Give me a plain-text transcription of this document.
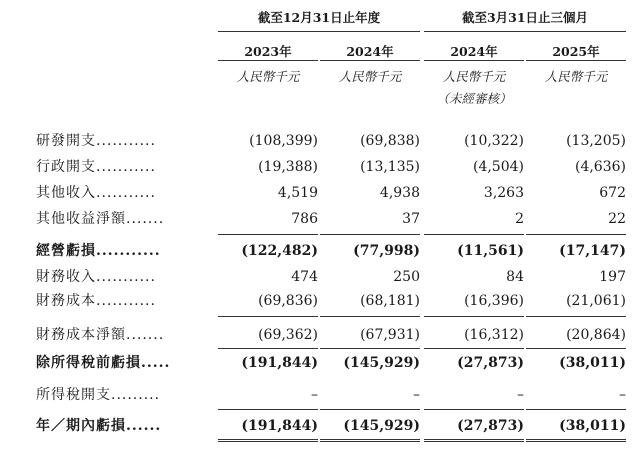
截至12月31日止年度	截至3月31日止三個月
2023年	2024年	2024年	2025年
人民幣千元	人民幣千元	人民幣千元	人民幣千元
（未經審核）
研發開支...........	(108,399)	(69,838)	(10,322)	(13,205)
行政開支...........	(19,388)	(13,135)	(4,504)	(4,636)
其他收入...........	4,519	4,938	3,263	672
其他收益淨額.......	786	37	2	22
經營虧損...........	(122,482)	(77,998)	(11,561)	(17,147)
財務收入...........	474	250	84	197
財務成本...........	(69,836)	(68,181)	(16,396)	(21,061)
財務成本淨額.......	(69,362)	(67,931)	(16,312)	(20,864)
除所得稅前虧損.....	(191,844)	(145,929)	(27,873)	(38,011)
所得稅開支.........	–	–	–	–
年／期內虧損......	(191,844)	(145,929)	(27,873)	(38,011)
